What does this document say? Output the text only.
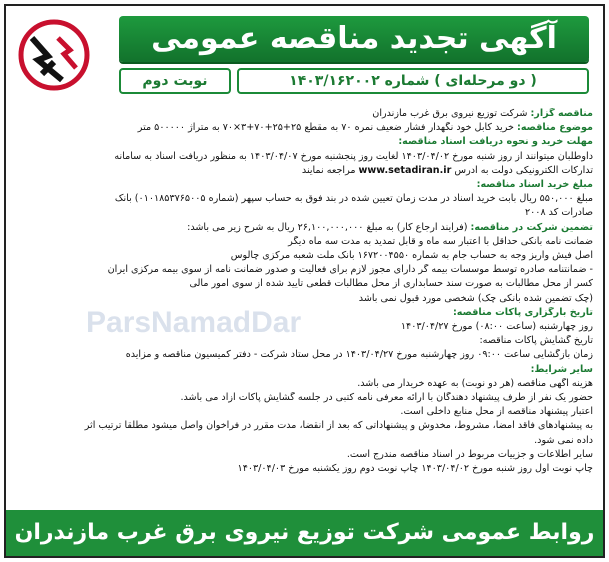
آگهی تجدید مناقصه عمومی
( دو مرحله‌ای ) شماره ۱۴۰۳/۱۶۲۰۰۲
نوبت دوم
مناقصه گزار: شرکت توزیع نیروی برق غرب مازندران
موضوع مناقصه: خرید کابل خود نگهدار فشار ضعیف نمره ۷۰ به مقطع ۲۵+۲۵+۷۰+۳×۷۰ به متراژ ۵۰۰۰۰۰ متر
مهلت خرید و نحوه دریافت اسناد مناقصه:
داوطلبان میتوانند از روز شنبه مورخ ۱۴۰۳/۰۴/۰۲ لغایت روز پنجشنبه مورخ ۱۴۰۳/۰۴/۰۷ به منظور دریافت اسناد به سامانه
تدارکات الکترونیکی دولت به آدرس www.setadiran.ir مراجعه نمایند
مبلغ خرید اسناد مناقصه:
مبلغ ۵۵۰,۰۰۰ ریال بابت خرید اسناد در مدت زمان تعیین شده در بند فوق به حساب سپهر (شماره ۰۱۰۱۸۵۳۷۶۵۰۰۵) بانک
صادرات کد ۲۰۰۸
تضمین شرکت در مناقصه: (فرایند ارجاع کار) به مبلغ ۲۶,۱۰۰,۰۰۰,۰۰۰ ریال به شرح زیر می باشد:
ضمانت نامه بانکی حداقل با اعتبار سه ماه و قابل تمدید به مدت سه ماه دیگر
اصل فیش واریز وجه به حساب جام به شماره ۱۶۷۲۰۰۴۵۵۰ بانک ملت شعبه مرکزی چالوس
- ضمانتنامه صادره توسط موسسات بیمه گر دارای مجوز لازم برای فعالیت و صدور ضمانت نامه از سوی بیمه مرکزی ایران
کسر از محل مطالبات به صورت سند حسابداری از محل مطالبات قطعی تایید شده از سوی امور مالی
(چک تضمین شده بانکی چک) شخصی مورد قبول نمی باشد
تاریخ بارگزاری پاکات مناقصه:
روز چهارشنبه (ساعت ۰۸:۰۰) مورخ ۱۴۰۳/۰۴/۲۷
تاریخ گشایش پاکات مناقصه:
زمان بازگشایی ساعت ۰۹:۰۰ روز چهارشنبه مورخ ۱۴۰۳/۰۴/۲۷ در محل ستاد شرکت - دفتر کمیسیون مناقصه و مزایده
سایر شرایط:
هزینه آگهی مناقصه (هر دو نوبت) به عهده خریدار می باشد.
حضور یک نفر از طرف پیشنهاد دهندگان با ارائه معرفی نامه کتبی در جلسه گشایش پاکات آزاد می باشد.
اعتبار پیشنهاد مناقصه از محل منابع داخلی است.
به پیشنهادهای فاقد امضا، مشروط، مخدوش و پیشنهاداتی که بعد از انقضا، مدت مقرر در فراخوان واصل میشود مطلقا ترتیب اثر
داده نمی شود.
سایر اطلاعات و جزییات مربوط در اسناد مناقصه مندرج است.
چاپ نوبت اول روز شنبه مورخ ۱۴۰۳/۰۴/۰۲ چاپ نوبت دوم روز یکشنبه مورخ ۱۴۰۳/۰۴/۰۳
ParsNamadDar
روابط عمومی شرکت توزیع نیروی برق غرب مازندران
